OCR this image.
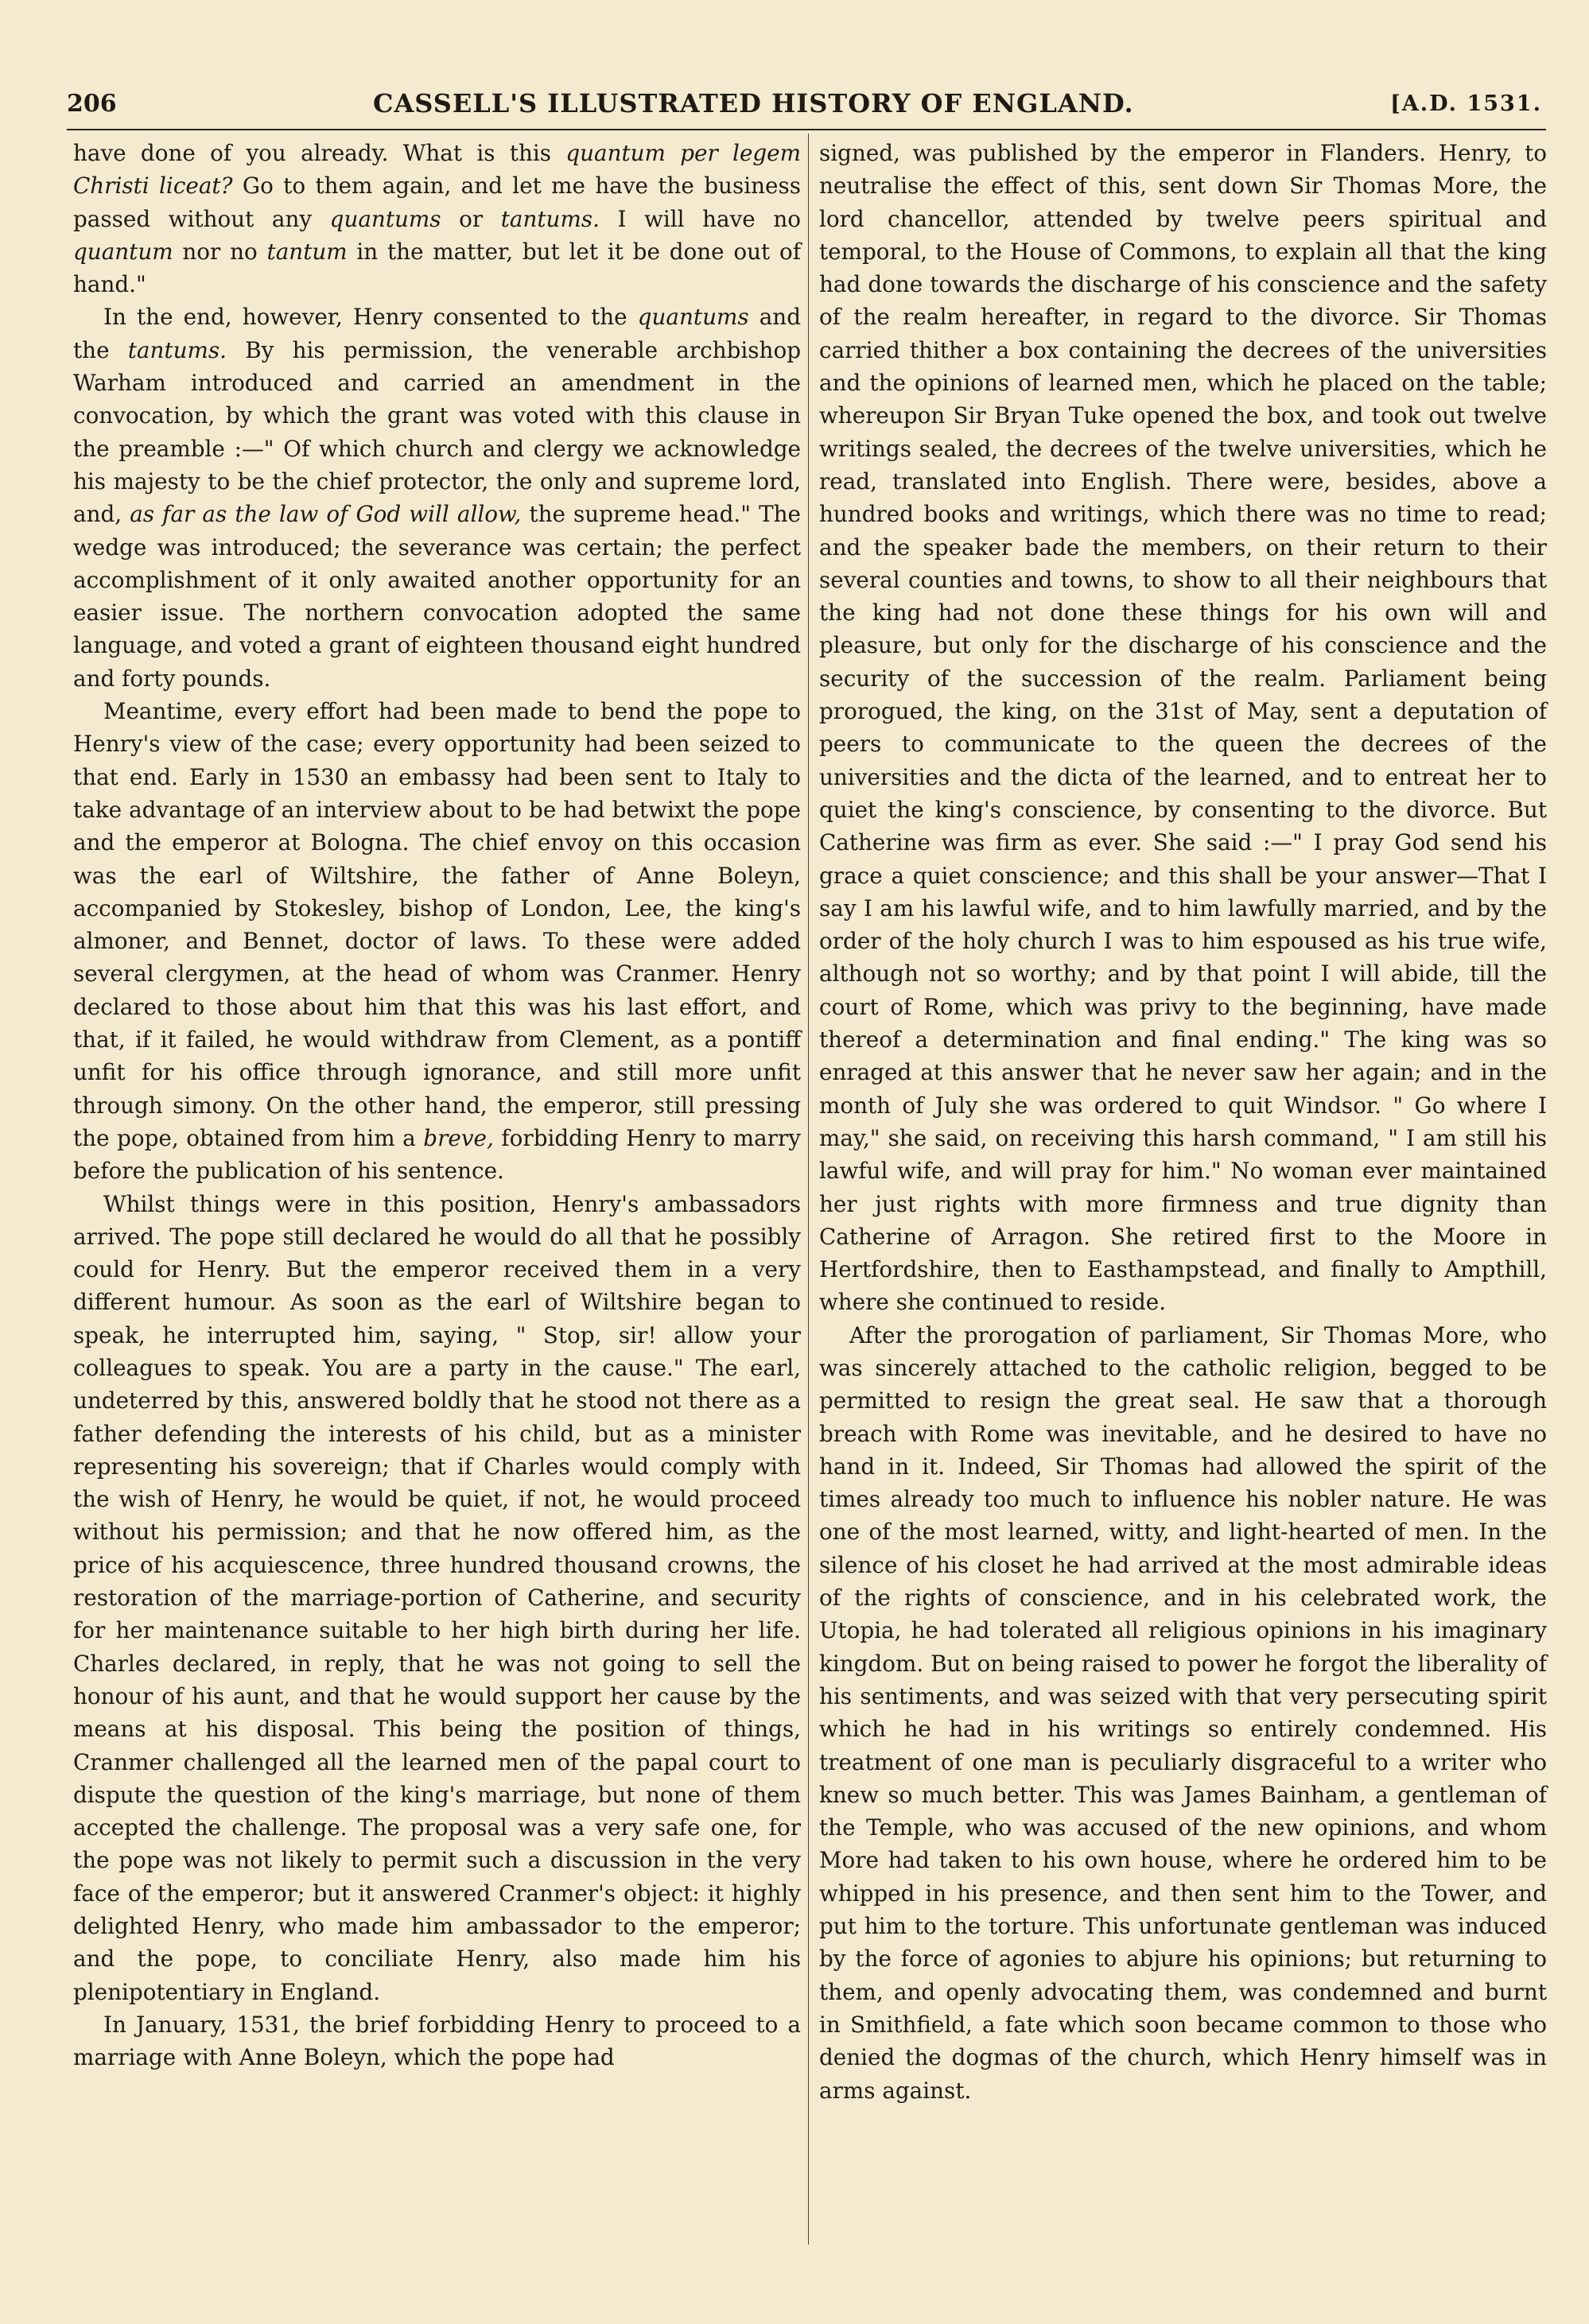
206	CASSELL'S ILLUSTRATED HISTORY OF ENGLAND.	[A.D. 1531.

have done of you already. What is this quantum per legem Christi liceat? Go to them again, and let me have the business passed without any quantums or tantums. I will have no quantum nor no tantum in the matter, but let it be done out of hand."

In the end, however, Henry consented to the quantums and the tantums. By his permission, the venerable archbishop Warham introduced and carried an amendment in the convocation, by which the grant was voted with this clause in the preamble :—" Of which church and clergy we acknowledge his majesty to be the chief protector, the only and supreme lord, and, as far as the law of God will allow, the supreme head." The wedge was introduced; the severance was certain; the perfect accomplishment of it only awaited another opportunity for an easier issue. The northern convocation adopted the same language, and voted a grant of eighteen thousand eight hundred and forty pounds.

Meantime, every effort had been made to bend the pope to Henry's view of the case; every opportunity had been seized to that end. Early in 1530 an embassy had been sent to Italy to take advantage of an interview about to be had betwixt the pope and the emperor at Bologna. The chief envoy on this occasion was the earl of Wiltshire, the father of Anne Boleyn, accompanied by Stokesley, bishop of London, Lee, the king's almoner, and Bennet, doctor of laws. To these were added several clergymen, at the head of whom was Cranmer. Henry declared to those about him that this was his last effort, and that, if it failed, he would withdraw from Clement, as a pontiff unfit for his office through ignorance, and still more unfit through simony. On the other hand, the emperor, still pressing the pope, obtained from him a breve, forbidding Henry to marry before the publication of his sentence.

Whilst things were in this position, Henry's ambassadors arrived. The pope still declared he would do all that he possibly could for Henry. But the emperor received them in a very different humour. As soon as the earl of Wiltshire began to speak, he interrupted him, saying, " Stop, sir! allow your colleagues to speak. You are a party in the cause." The earl, undeterred by this, answered boldly that he stood not there as a father defending the interests of his child, but as a minister representing his sovereign; that if Charles would comply with the wish of Henry, he would be quiet, if not, he would proceed without his permission; and that he now offered him, as the price of his acquiescence, three hundred thousand crowns, the restoration of the marriage-portion of Catherine, and security for her maintenance suitable to her high birth during her life. Charles declared, in reply, that he was not going to sell the honour of his aunt, and that he would support her cause by the means at his disposal. This being the position of things, Cranmer challenged all the learned men of the papal court to dispute the question of the king's marriage, but none of them accepted the challenge. The proposal was a very safe one, for the pope was not likely to permit such a discussion in the very face of the emperor; but it answered Cranmer's object: it highly delighted Henry, who made him ambassador to the emperor; and the pope, to conciliate Henry, also made him his plenipotentiary in England.

In January, 1531, the brief forbidding Henry to proceed to a marriage with Anne Boleyn, which the pope had

signed, was published by the emperor in Flanders. Henry, to neutralise the effect of this, sent down Sir Thomas More, the lord chancellor, attended by twelve peers spiritual and temporal, to the House of Commons, to explain all that the king had done towards the discharge of his conscience and the safety of the realm hereafter, in regard to the divorce. Sir Thomas carried thither a box containing the decrees of the universities and the opinions of learned men, which he placed on the table; whereupon Sir Bryan Tuke opened the box, and took out twelve writings sealed, the decrees of the twelve universities, which he read, translated into English. There were, besides, above a hundred books and writings, which there was no time to read; and the speaker bade the members, on their return to their several counties and towns, to show to all their neighbours that the king had not done these things for his own will and pleasure, but only for the discharge of his conscience and the security of the succession of the realm. Parliament being prorogued, the king, on the 31st of May, sent a deputation of peers to communicate to the queen the decrees of the universities and the dicta of the learned, and to entreat her to quiet the king's conscience, by consenting to the divorce. But Catherine was firm as ever. She said :—" I pray God send his grace a quiet conscience; and this shall be your answer—That I say I am his lawful wife, and to him lawfully married, and by the order of the holy church I was to him espoused as his true wife, although not so worthy; and by that point I will abide, till the court of Rome, which was privy to the beginning, have made thereof a determination and final ending." The king was so enraged at this answer that he never saw her again; and in the month of July she was ordered to quit Windsor. " Go where I may," she said, on receiving this harsh command, " I am still his lawful wife, and will pray for him." No woman ever maintained her just rights with more firmness and true dignity than Catherine of Arragon. She retired first to the Moore in Hertfordshire, then to Easthampstead, and finally to Ampthill, where she continued to reside.

After the prorogation of parliament, Sir Thomas More, who was sincerely attached to the catholic religion, begged to be permitted to resign the great seal. He saw that a thorough breach with Rome was inevitable, and he desired to have no hand in it. Indeed, Sir Thomas had allowed the spirit of the times already too much to influence his nobler nature. He was one of the most learned, witty, and light-hearted of men. In the silence of his closet he had arrived at the most admirable ideas of the rights of conscience, and in his celebrated work, the Utopia, he had tolerated all religious opinions in his imaginary kingdom. But on being raised to power he forgot the liberality of his sentiments, and was seized with that very persecuting spirit which he had in his writings so entirely condemned. His treatment of one man is peculiarly disgraceful to a writer who knew so much better. This was James Bainham, a gentleman of the Temple, who was accused of the new opinions, and whom More had taken to his own house, where he ordered him to be whipped in his presence, and then sent him to the Tower, and put him to the torture. This unfortunate gentleman was induced by the force of agonies to abjure his opinions; but returning to them, and openly advocating them, was condemned and burnt in Smithfield, a fate which soon became common to those who denied the dogmas of the church, which Henry himself was in arms against.
